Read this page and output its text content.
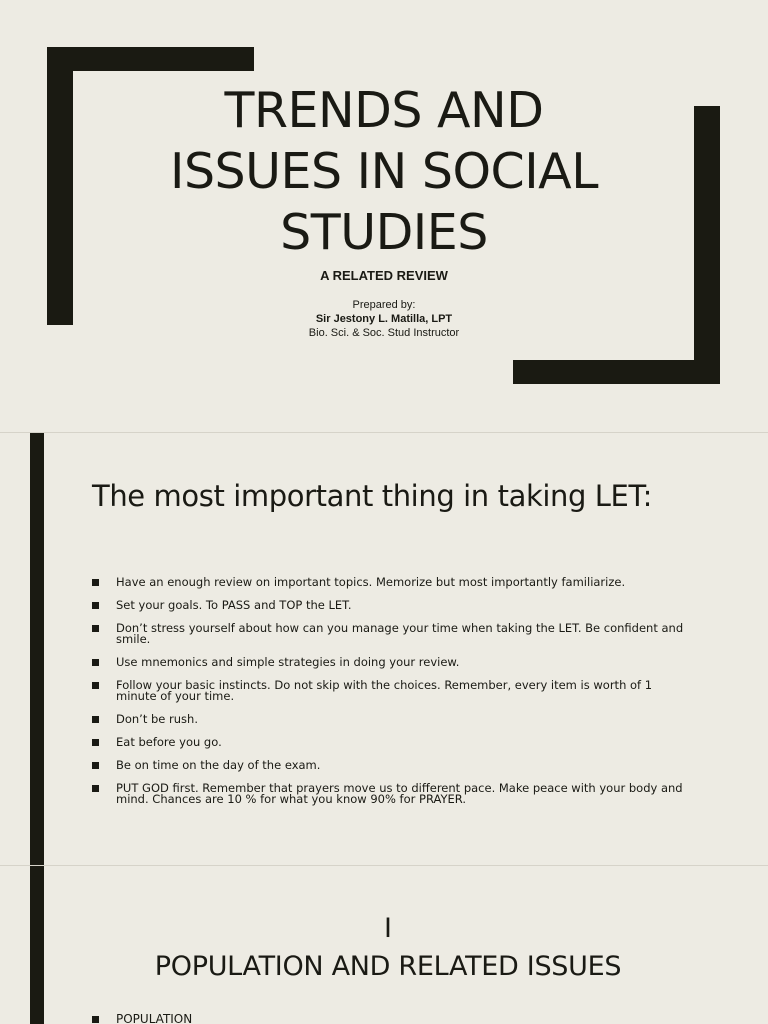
TRENDS AND
ISSUES IN SOCIAL
STUDIES
A RELATED REVIEW
Prepared by:
Sir Jestony L. Matilla, LPT
Bio. Sci. & Soc. Stud Instructor
The most important thing in taking LET:
Have an enough review on important topics. Memorize but most importantly familiarize.
Set your goals. To PASS and TOP the LET.
Don’t stress yourself about how can you manage your time when taking the LET. Be confident and smile.
Use mnemonics and simple strategies in doing your review.
Follow your basic instincts. Do not skip with the choices. Remember, every item is worth of 1 minute of your time.
Don’t be rush.
Eat before you go.
Be on time on the day of the exam.
PUT GOD first. Remember that prayers move us to different pace. Make peace with your body and mind. Chances are 10 % for what you know 90% for PRAYER.
I
POPULATION AND RELATED ISSUES
POPULATION
